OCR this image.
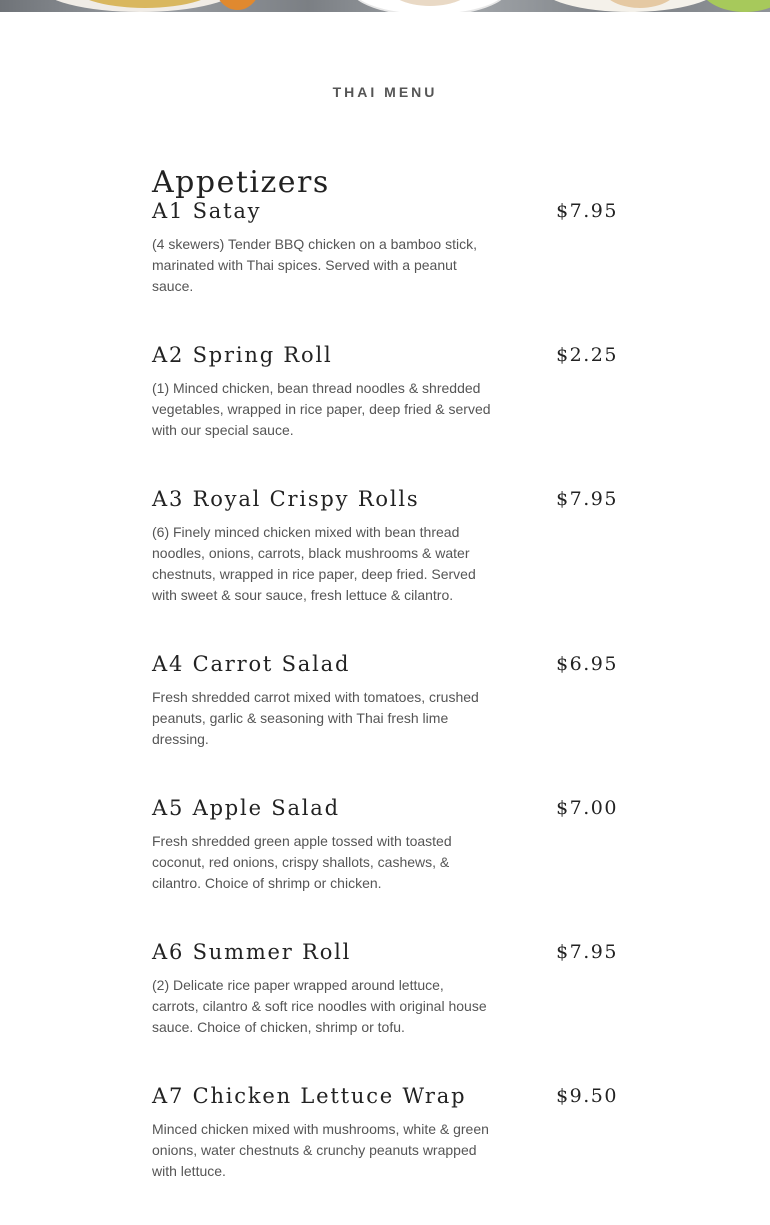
THAI MENU
Appetizers
A1 Satay	$7.95
(4 skewers) Tender BBQ chicken on a bamboo stick, marinated with Thai spices. Served with a peanut sauce.
A2 Spring Roll	$2.25
(1) Minced chicken, bean thread noodles & shredded vegetables, wrapped in rice paper, deep fried & served with our special sauce.
A3 Royal Crispy Rolls	$7.95
(6) Finely minced chicken mixed with bean thread noodles, onions, carrots, black mushrooms & water chestnuts, wrapped in rice paper, deep fried. Served with sweet & sour sauce, fresh lettuce & cilantro.
A4 Carrot Salad	$6.95
Fresh shredded carrot mixed with tomatoes, crushed peanuts, garlic & seasoning with Thai fresh lime dressing.
A5 Apple Salad	$7.00
Fresh shredded green apple tossed with toasted coconut, red onions, crispy shallots, cashews, & cilantro. Choice of shrimp or chicken.
A6 Summer Roll	$7.95
(2) Delicate rice paper wrapped around lettuce, carrots, cilantro & soft rice noodles with original house sauce. Choice of chicken, shrimp or tofu.
A7 Chicken Lettuce Wrap	$9.50
Minced chicken mixed with mushrooms, white & green onions, water chestnuts & crunchy peanuts wrapped with lettuce.
